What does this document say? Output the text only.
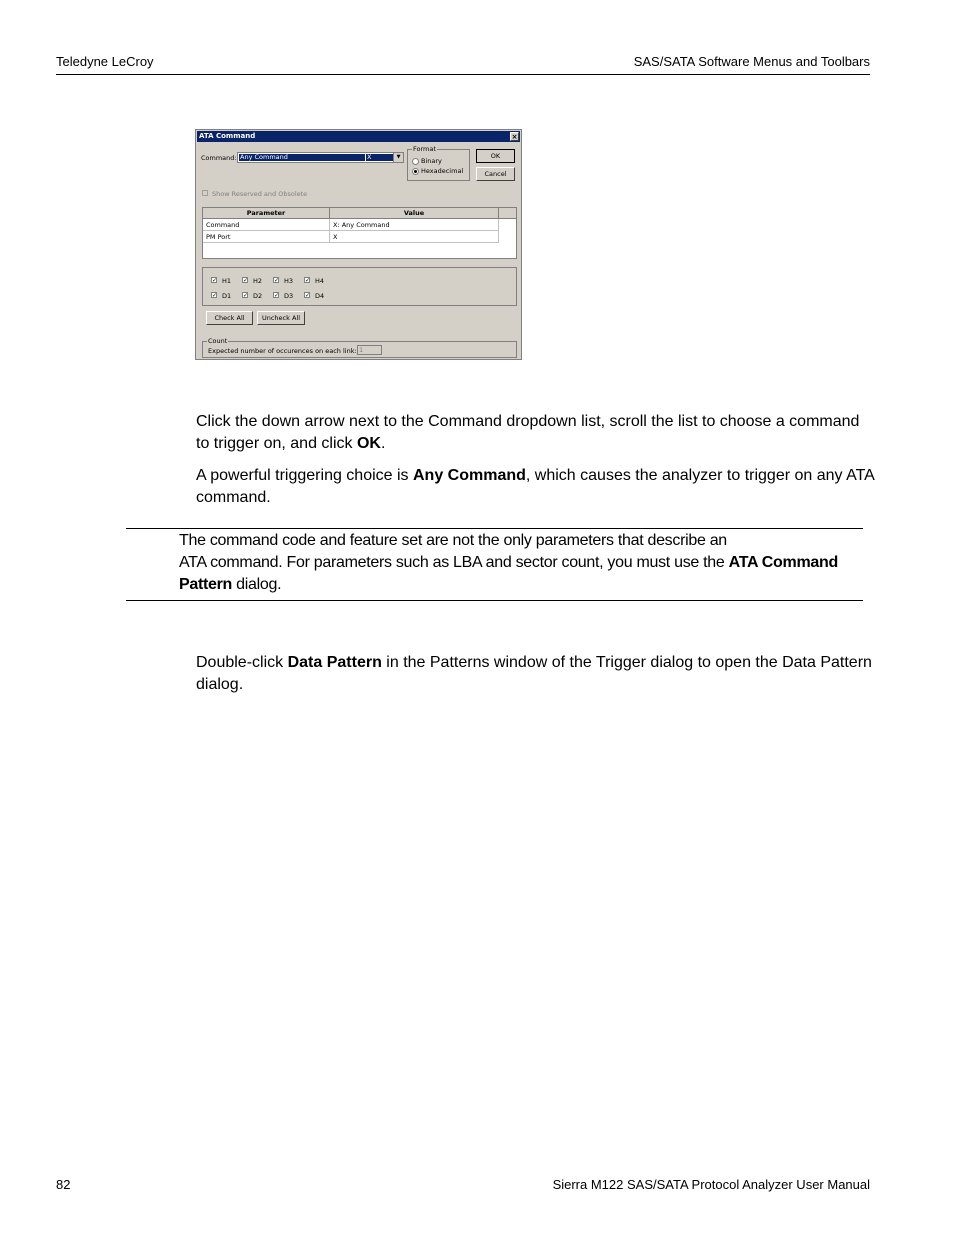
Teledyne LeCroy	SAS/SATA Software Menus and Toolbars
ATA Command	×
Command: Any Command	X	▼
Format
Binary
Hexadecimal
OK
Cancel
Show Reserved and Obsolete
Parameter	Value
Command	X: Any Command
PM Port	X
✓ H1 ✓ H2 ✓ H3 ✓ H4
✓ D1 ✓ D2 ✓ D3 ✓ D4
Check All	Uncheck All
Count
Expected number of occurences on each link: 1
Click the down arrow next to the Command dropdown list, scroll the list to choose a command to trigger on, and click OK.
A powerful triggering choice is Any Command, which causes the analyzer to trigger on any ATA command.
The command code and feature set are not the only parameters that describe an
ATA command. For parameters such as LBA and sector count, you must use the ATA Command Pattern dialog.
Double-click Data Pattern in the Patterns window of the Trigger dialog to open the Data Pattern dialog.
82	Sierra M122 SAS/SATA Protocol Analyzer User Manual
